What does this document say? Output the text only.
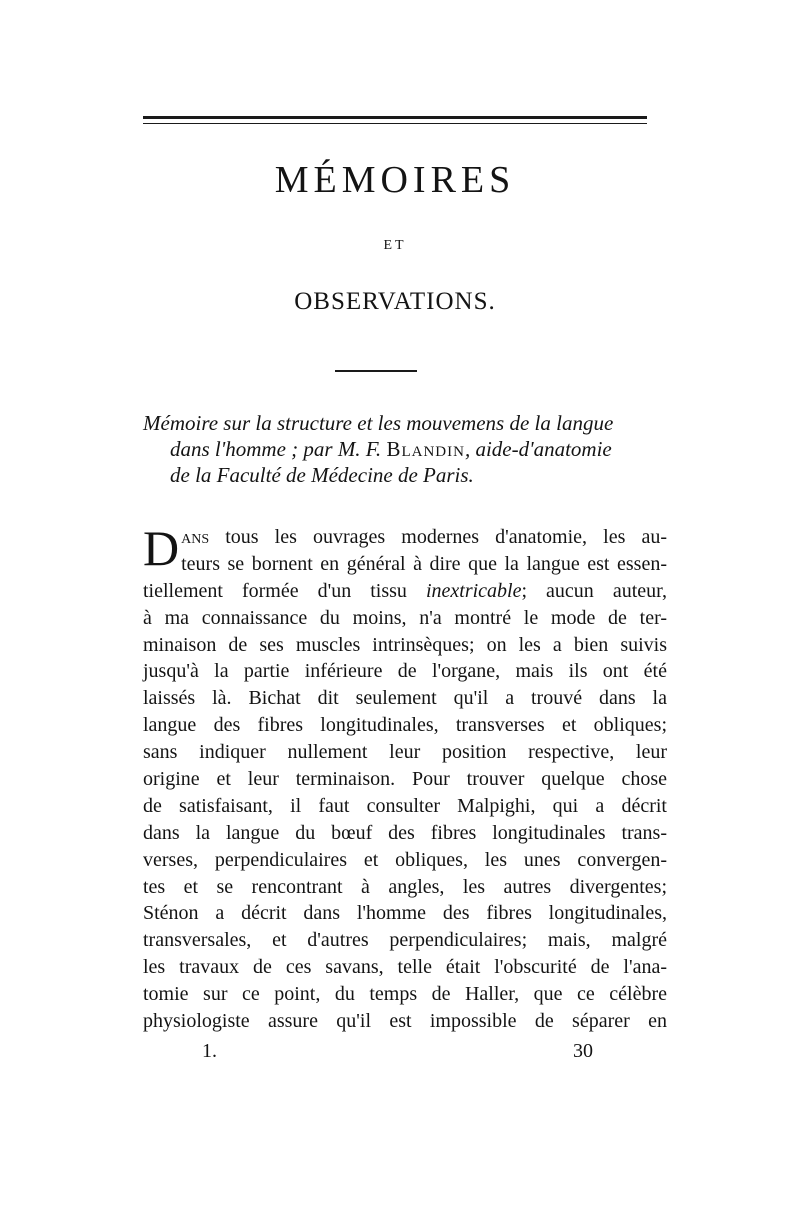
MÉMOIRES
ET
OBSERVATIONS.
Mémoire sur la structure et les mouvemens de la langue
dans l'homme ; par M. F. Blandin, aide-d'anatomie
de la Faculté de Médecine de Paris.
D ans tous les ouvrages modernes d'anatomie, les au-
teurs se bornent en général à dire que la langue est essen-
tiellement formée d'un tissu inextricable; aucun auteur,
à ma connaissance du moins, n'a montré le mode de ter-
minaison de ses muscles intrinsèques; on les a bien suivis
jusqu'à la partie inférieure de l'organe, mais ils ont été
laissés là. Bichat dit seulement qu'il a trouvé dans la
langue des fibres longitudinales, transverses et obliques;
sans indiquer nullement leur position respective, leur
origine et leur terminaison. Pour trouver quelque chose
de satisfaisant, il faut consulter Malpighi, qui a décrit
dans la langue du bœuf des fibres longitudinales trans-
verses, perpendiculaires et obliques, les unes convergen-
tes et se rencontrant à angles, les autres divergentes;
Sténon a décrit dans l'homme des fibres longitudinales,
transversales, et d'autres perpendiculaires; mais, malgré
les travaux de ces savans, telle était l'obscurité de l'ana-
tomie sur ce point, du temps de Haller, que ce célèbre
physiologiste assure qu'il est impossible de séparer en
1.	30
